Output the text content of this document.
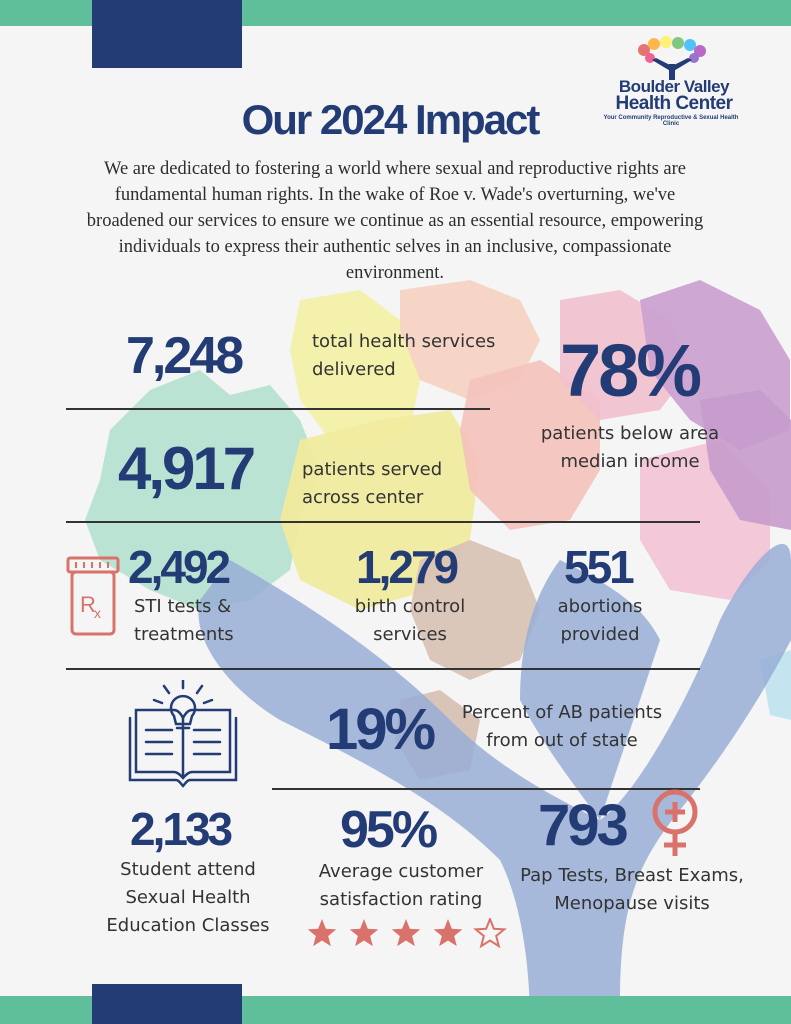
Boulder Valley
Health Center
Your Community Reproductive & Sexual Health Clinic
Our 2024 Impact
We are dedicated to fostering a world where sexual and reproductive rights are fundamental human rights. In the wake of Roe v. Wade's overturning, we've broadened our services to ensure we continue as an essential resource, empowering individuals to express their authentic selves in an inclusive, compassionate environment.
7,248	total health services delivered	78%
patients below area median income
4,917	patients served across center
R
x
2,492
STI tests & treatments
1,279
birth control services
551
abortions provided
19%	Percent of AB patients from out of state
2,133
Student attend Sexual Health Education Classes
95%
Average customer satisfaction rating
793
Pap Tests, Breast Exams, Menopause visits
